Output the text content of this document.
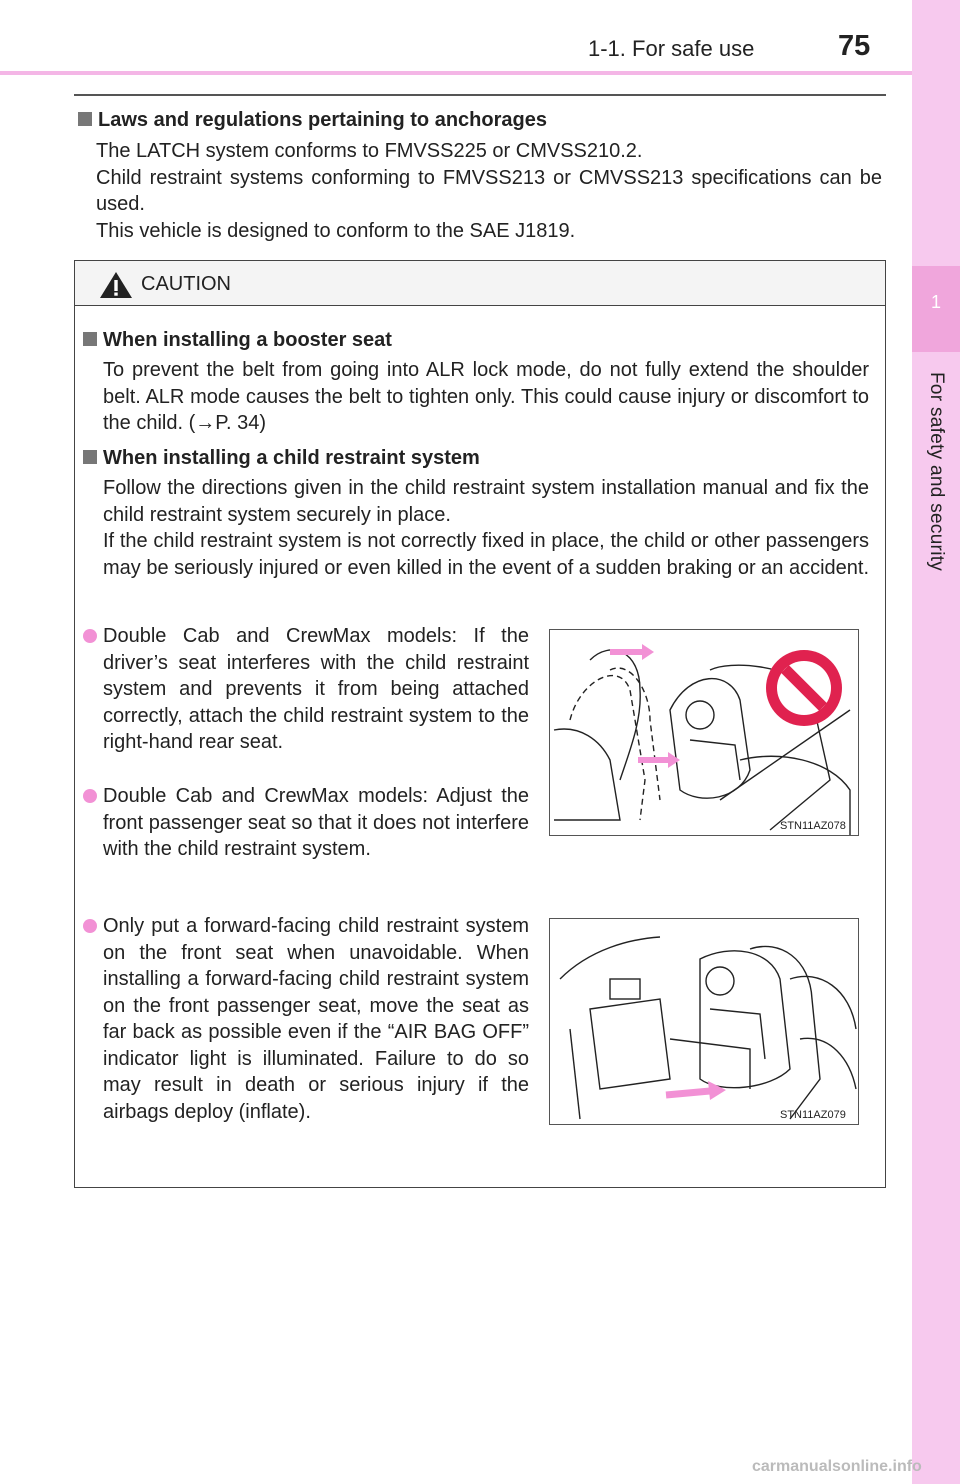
1-1. For safe use	75
1
For safety and security
Laws and regulations pertaining to anchorages

The LATCH system conforms to FMVSS225 or CMVSS210.2.

Child restraint systems conforming to FMVSS213 or CMVSS213 specifications can be used.

This vehicle is designed to conform to the SAE J1819.

CAUTION
When installing a booster seat
To prevent the belt from going into ALR lock mode, do not fully extend the shoulder belt. ALR mode causes the belt to tighten only. This could cause injury or discomfort to the child. (→P. 34)
When installing a child restraint system

Follow the directions given in the child restraint system installation manual and fix the child restraint system securely in place.

If the child restraint system is not correctly fixed in place, the child or other passengers may be seriously injured or even killed in the event of a sudden braking or an accident.

Double Cab and CrewMax models: If the driver’s seat interferes with the child restraint system and prevents it from being attached correctly, attach the child restraint system to the right-hand rear seat.
Double Cab and CrewMax models: Adjust the front passenger seat so that it does not interfere with the child restraint system.
Only put a forward-facing child restraint system on the front seat when unavoidable. When installing a forward-facing child restraint system on the front passenger seat, move the seat as far back as possible even if the “AIR BAG OFF” indicator light is illuminated. Failure to do so may result in death or serious injury if the airbags deploy (inflate).
STN11AZ078
STN11AZ079
carmanualsonline.info
